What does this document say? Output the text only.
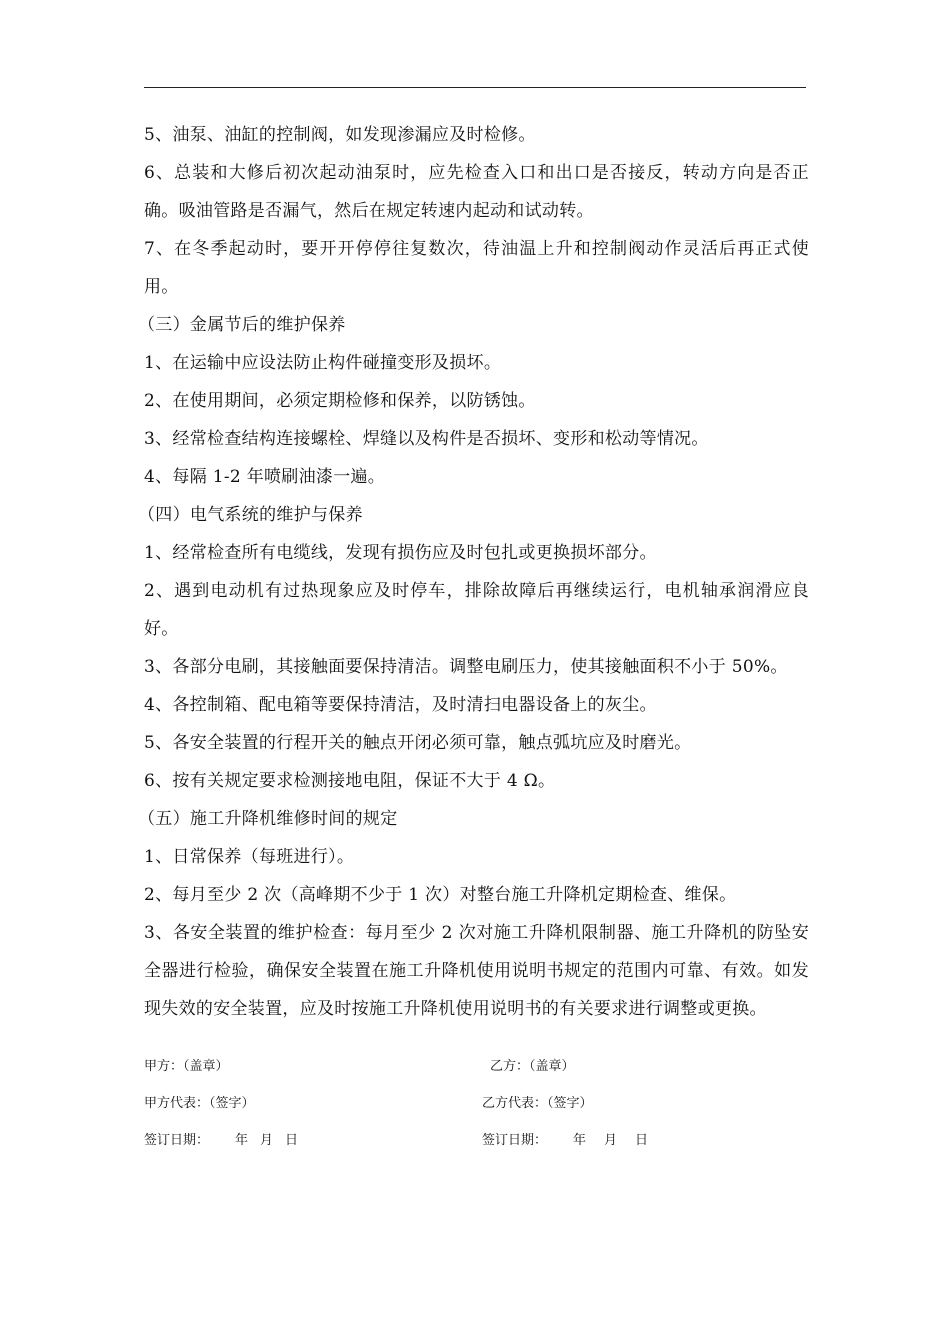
5、油泵、油缸的控制阀，如发现渗漏应及时检修。

6、总装和大修后初次起动油泵时，应先检查入口和出口是否接反，转动方向是否正确。吸油管路是否漏气，然后在规定转速内起动和试动转。

7、在冬季起动时，要开开停停往复数次，待油温上升和控制阀动作灵活后再正式使用。

（三）金属节后的维护保养

1、在运输中应设法防止构件碰撞变形及损坏。

2、在使用期间，必须定期检修和保养，以防锈蚀。

3、经常检查结构连接螺栓、焊缝以及构件是否损坏、变形和松动等情况。

4、每隔 1-2 年喷刷油漆一遍。

（四）电气系统的维护与保养

1、经常检查所有电缆线，发现有损伤应及时包扎或更换损坏部分。

2、遇到电动机有过热现象应及时停车，排除故障后再继续运行，电机轴承润滑应良好。

3、各部分电刷，其接触面要保持清洁。调整电刷压力，使其接触面积不小于 50%。

4、各控制箱、配电箱等要保持清洁，及时清扫电器设备上的灰尘。

5、各安全装置的行程开关的触点开闭必须可靠，触点弧坑应及时磨光。

6、按有关规定要求检测接地电阻，保证不大于 4 Ω。

（五）施工升降机维修时间的规定

1、日常保养（每班进行）。

2、每月至少 2 次（高峰期不少于 1 次）对整台施工升降机定期检查、维保。

3、各安全装置的维护检查：每月至少 2 次对施工升降机限制器、施工升降机的防坠安全器进行检验，确保安全装置在施工升降机使用说明书规定的范围内可靠、有效。如发现失效的安全装置，应及时按施工升降机使用说明书的有关要求进行调整或更换。

甲方：（盖章）	乙方：（盖章）
甲方代表：（签字）	乙方代表：（签字）
签订日期： 年 月 日	签订日期： 年 月 日
